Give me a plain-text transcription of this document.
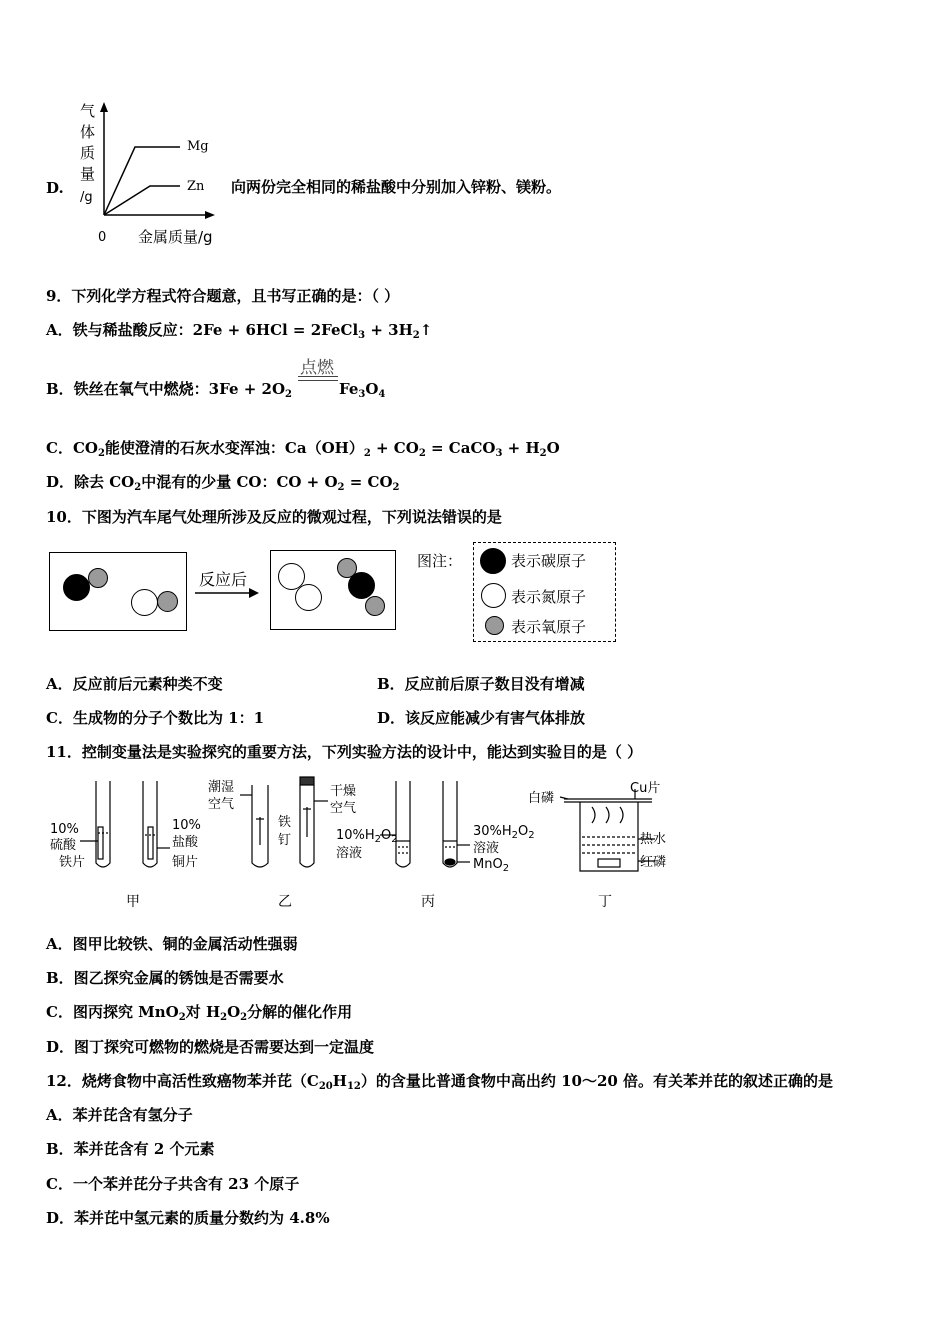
D.
气
体
质
量
/g
0 金属质量/g
Mg
Zn 向两份完全相同的稀盐酸中分别加入锌粉、镁粉。
9．下列化学方程式符合题意，且书写正确的是：（ ）
A．铁与稀盐酸反应：2Fe + 6HCl = 2FeCl$_3$ + $3H_2↑$
B．铁丝在氧气中燃烧：$3Fe + 2O_2$
点燃
$Fe_3O_4$
C．$CO_2$能使澄清的石灰水变浑浊：$Ca(OH)_2 + CO_2$ = CaCO$_3$ + $H_2O$
D．除去 $CO_2$中混有的少量 CO：CO + $O_2 = CO_2$
10．下图为汽车尾气处理所涉及反应的微观过程，下列说法错误的是
反应后
图注：	表示碳原子
表示氮原子
表示氧原子
A．反应前后元素种类不变	B．反应前后原子数目没有增减
C．生成物的分子个数比为 1：1	D．该反应能减少有害气体排放
11．控制变量法是实验探究的重要方法，下列实验方法的设计中，能达到实验目的是（ ）
10%
硫酸
铁片
10%
盐酸
铜片
潮湿
空气
铁
钉
干燥
空气
$10\%H_2O_2$
溶液
$30\%H_2O_2$
溶液
MnO$_2$
白磷
Cu片
热水
红磷
甲	乙	丙	丁
A．图甲比较铁、铜的金属活动性强弱
B．图乙探究金属的锈蚀是否需要水
C．图丙探究 MnO$_2$对 $H_2O_2$分解的催化作用
D．图丁探究可燃物的燃烧是否需要达到一定温度
12．烧烤食物中高活性致癌物苯并芘$(C_{20}H_{12})$的含量比普通食物中高出约 10～20 倍。有关苯并芘的叙述正确的是
A．苯并芘含有氢分子
B．苯并芘含有 2 个元素
C．一个苯并芘分子共含有 23 个原子
D．苯并芘中氢元素的质量分数约为 4.8%
